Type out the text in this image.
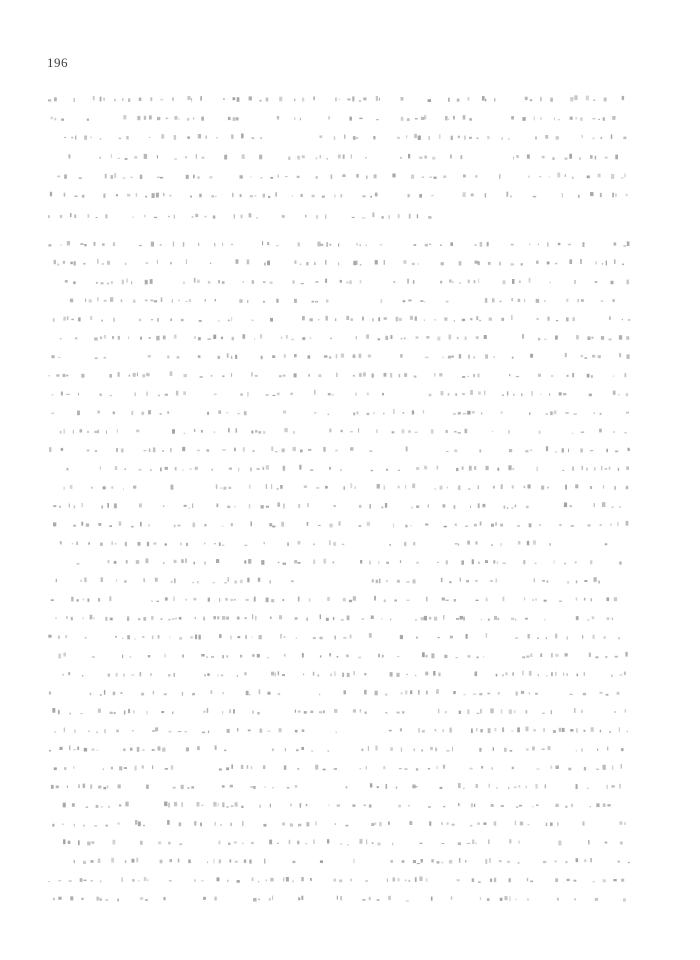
196
